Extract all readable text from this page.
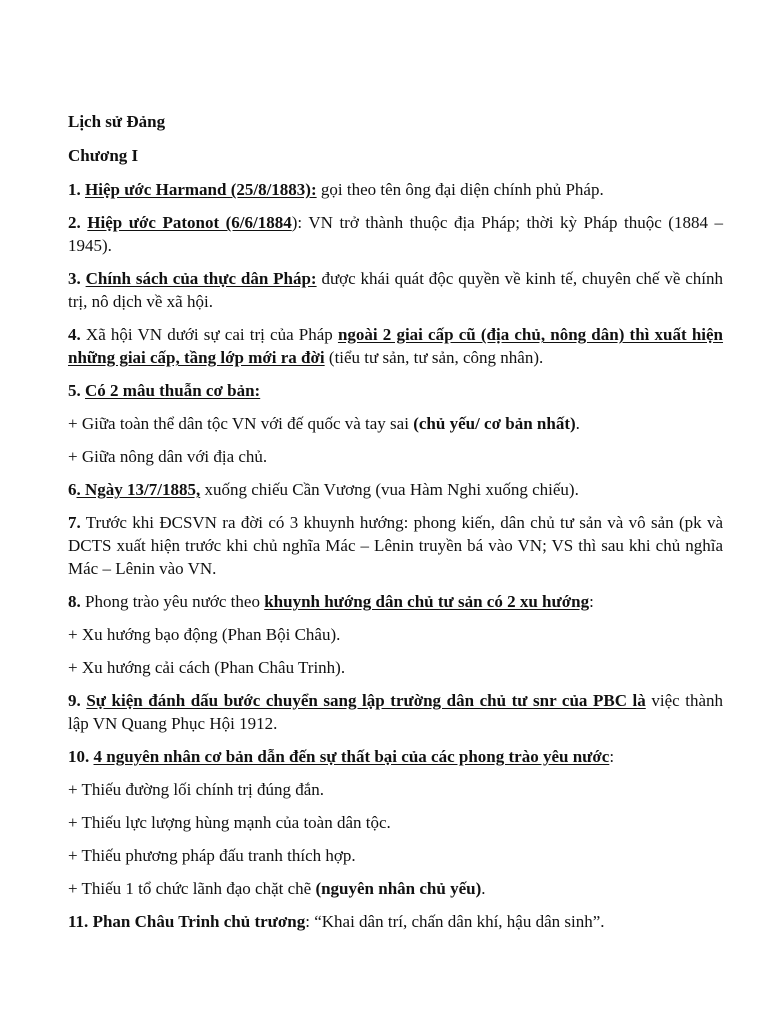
Lịch sử Đảng
Chương I

1. Hiệp ước Harmand (25/8/1883): gọi theo tên ông đại diện chính phủ Pháp.

2. Hiệp ước Patonot (6/6/1884): VN trở thành thuộc địa Pháp; thời kỳ Pháp thuộc (1884 – 1945).

3. Chính sách của thực dân Pháp: được khái quát độc quyền về kinh tế, chuyên chế về chính trị, nô dịch về xã hội.

4. Xã hội VN dưới sự cai trị của Pháp ngoài 2 giai cấp cũ (địa chủ, nông dân) thì xuất hiện những giai cấp, tầng lớp mới ra đời (tiểu tư sản, tư sản, công nhân).

5. Có 2 mâu thuẫn cơ bản:

+ Giữa toàn thể dân tộc VN với đế quốc và tay sai (chủ yếu/ cơ bản nhất).

+ Giữa nông dân với địa chủ.

6. Ngày 13/7/1885, xuống chiếu Cần Vương (vua Hàm Nghi xuống chiếu).

7. Trước khi ĐCSVN ra đời có 3 khuynh hướng: phong kiến, dân chủ tư sản và vô sản (pk và DCTS xuất hiện trước khi chủ nghĩa Mác – Lênin truyền bá vào VN; VS thì sau khi chủ nghĩa Mác – Lênin vào VN.

8. Phong trào yêu nước theo khuynh hướng dân chủ tư sản có 2 xu hướng:

+ Xu hướng bạo động (Phan Bội Châu).

+ Xu hướng cải cách (Phan Châu Trinh).

9. Sự kiện đánh dấu bước chuyển sang lập trường dân chủ tư snr của PBC là việc thành lập VN Quang Phục Hội 1912.

10. 4 nguyên nhân cơ bản dẫn đến sự thất bại của các phong trào yêu nước:

+ Thiếu đường lối chính trị đúng đắn.

+ Thiếu lực lượng hùng mạnh của toàn dân tộc.

+ Thiếu phương pháp đấu tranh thích hợp.

+ Thiếu 1 tổ chức lãnh đạo chặt chẽ (nguyên nhân chủ yếu).

11. Phan Châu Trinh chủ trương: “Khai dân trí, chấn dân khí, hậu dân sinh”.
